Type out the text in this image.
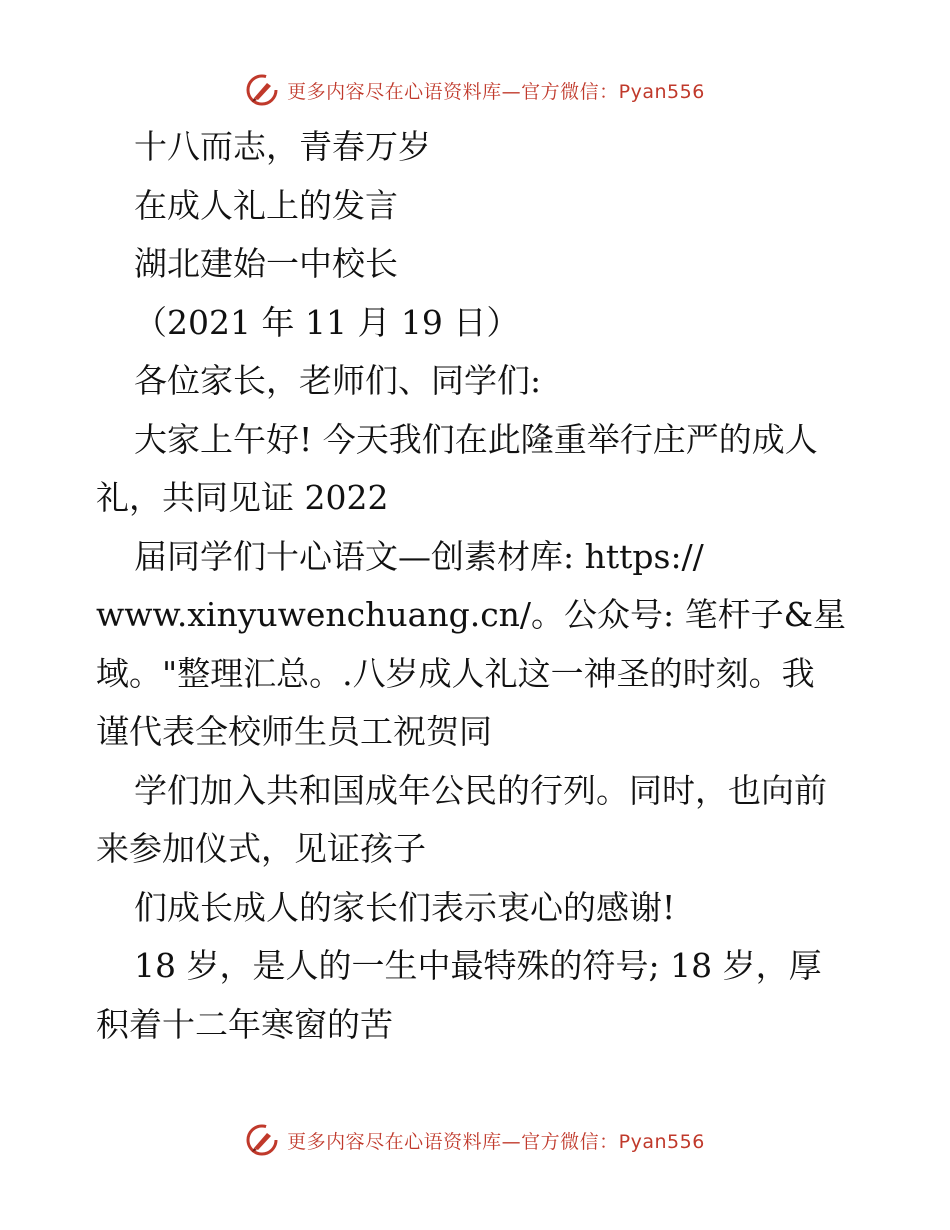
更多内容尽在心语资料库—官方微信：Pyan556
十八而志，青春万岁
在成人礼上的发言
湖北建始一中校长
（2021 年 11 月 19 日）
各位家长，老师们、同学们:
大家上午好! 今天我们在此隆重举行庄严的成人
礼，共同见证 2022
届同学们十心语文—创素材库: https://
www.xinyuwenchuang.cn/。公众号: 笔杆子&星
域。"整理汇总。.八岁成人礼这一神圣的时刻。我
谨代表全校师生员工祝贺同
学们加入共和国成年公民的行列。同时，也向前
来参加仪式，见证孩子
们成长成人的家长们表示衷心的感谢!
18 岁，是人的一生中最特殊的符号; 18 岁，厚
积着十二年寒窗的苦
更多内容尽在心语资料库—官方微信：Pyan556
